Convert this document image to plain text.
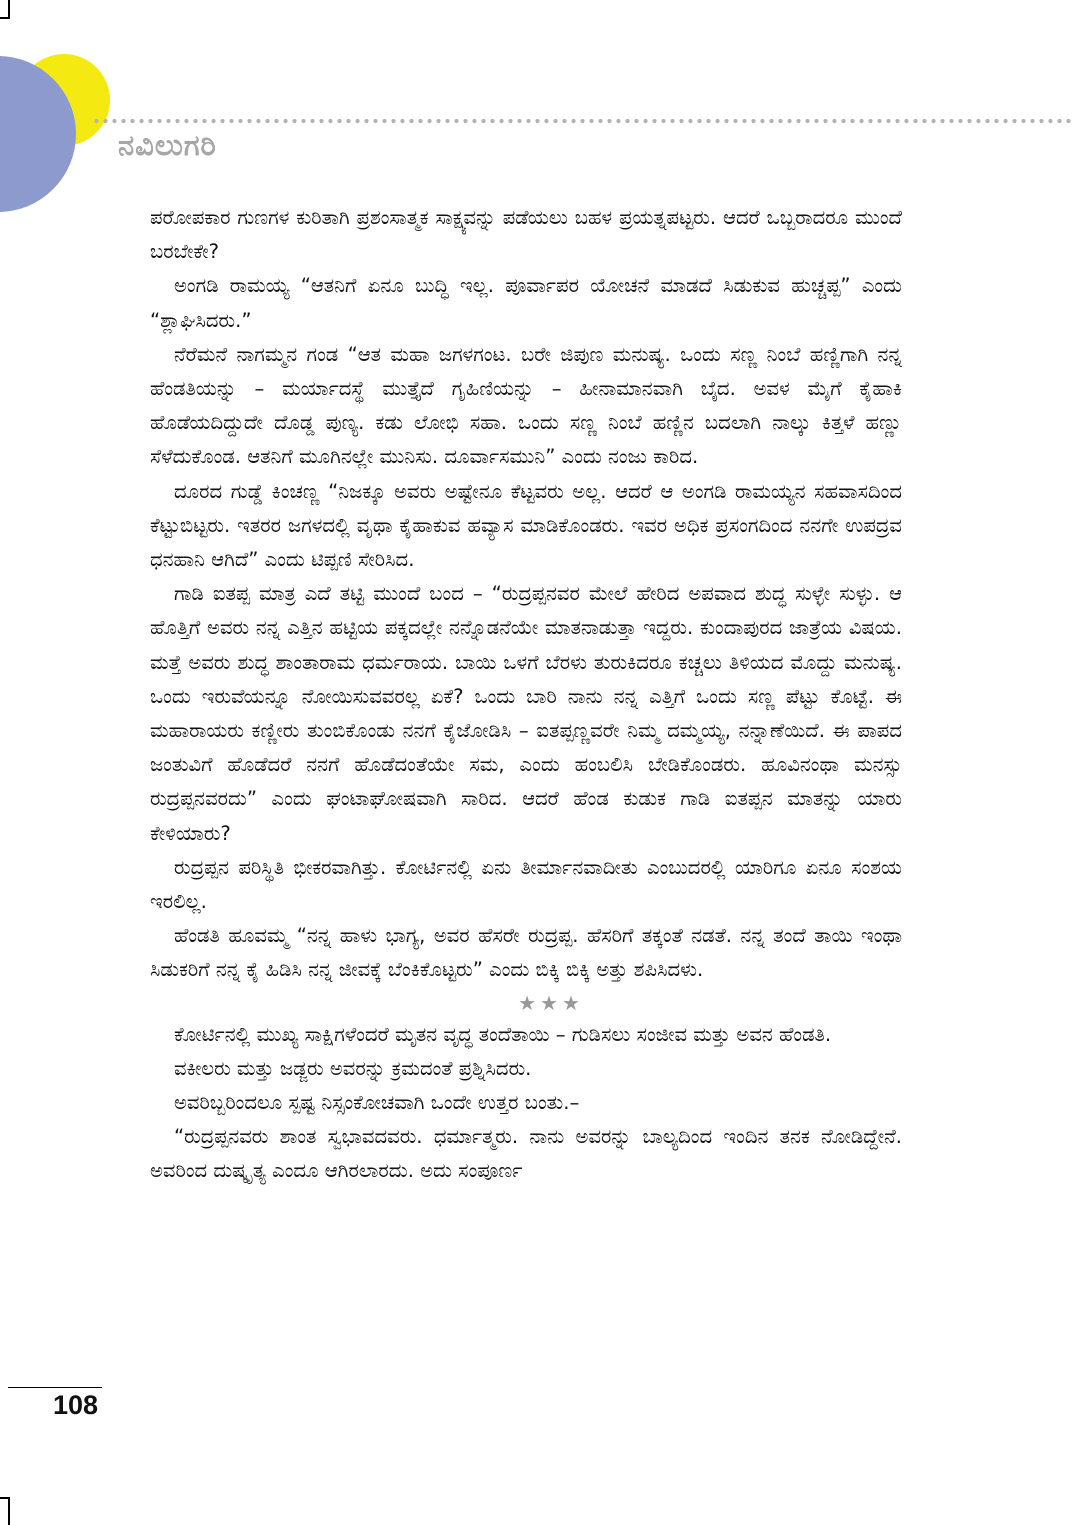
ನವಿಲುಗರಿ

ಪರೋಪಕಾರ ಗುಣಗಳ ಕುರಿತಾಗಿ ಪ್ರಶಂಸಾತ್ಮಕ ಸಾಕ್ಷ್ಯವನ್ನು ಪಡೆಯಲು ಬಹಳ ಪ್ರಯತ್ನಪಟ್ಟರು. ಆದರೆ ಒಬ್ಬರಾದರೂ ಮುಂದೆ ಬರಬೇಕೇ?

ಅಂಗಡಿ ರಾಮಯ್ಯ “ಆತನಿಗೆ ಏನೂ ಬುದ್ಧಿ ಇಲ್ಲ. ಪೂರ್ವಾಪರ ಯೋಚನೆ ಮಾಡದೆ ಸಿಡುಕುವ ಹುಚ್ಚಪ್ಪ” ಎಂದು “ಶ್ಲಾಘಿಸಿದರು.”

ನೆರೆಮನೆ ನಾಗಮ್ಮನ ಗಂಡ “ಆತ ಮಹಾ ಜಗಳಗಂಟ. ಬರೇ ಜಿಪುಣ ಮನುಷ್ಯ. ಒಂದು ಸಣ್ಣ ನಿಂಬೆ ಹಣ್ಣಿಗಾಗಿ ನನ್ನ ಹೆಂಡತಿಯನ್ನು – ಮರ್ಯಾದಸ್ಥೆ ಮುತ್ತೈದೆ ಗೃಹಿಣಿಯನ್ನು – ಹೀನಾಮಾನವಾಗಿ ಬೈದ. ಅವಳ ಮೈಗೆ ಕೈಹಾಕಿ ಹೊಡೆಯದಿದ್ದುದೇ ದೊಡ್ಡ ಪುಣ್ಯ. ಕಡು ಲೋಭಿ ಸಹಾ. ಒಂದು ಸಣ್ಣ ನಿಂಬೆ ಹಣ್ಣಿನ ಬದಲಾಗಿ ನಾಲ್ಕು ಕಿತ್ತಳೆ ಹಣ್ಣು ಸೆಳೆದುಕೊಂಡ. ಆತನಿಗೆ ಮೂಗಿನಲ್ಲೇ ಮುನಿಸು. ದೂರ್ವಾಸಮುನಿ” ಎಂದು ನಂಜು ಕಾರಿದ.

ದೂರದ ಗುಡ್ಡೆ ಕಿಂಚಣ್ಣ “ನಿಜಕ್ಕೂ ಅವರು ಅಷ್ಟೇನೂ ಕೆಟ್ಟವರು ಅಲ್ಲ. ಆದರೆ ಆ ಅಂಗಡಿ ರಾಮಯ್ಯನ ಸಹವಾಸದಿಂದ ಕೆಟ್ಟುಬಿಟ್ಟರು. ಇತರರ ಜಗಳದಲ್ಲಿ ವೃಥಾ ಕೈಹಾಕುವ ಹವ್ಯಾಸ ಮಾಡಿಕೊಂಡರು. ಇವರ ಅಧಿಕ ಪ್ರಸಂಗದಿಂದ ನನಗೇ ಉಪದ್ರವ ಧನಹಾನಿ ಆಗಿದೆ” ಎಂದು ಟಿಪ್ಪಣಿ ಸೇರಿಸಿದ.

ಗಾಡಿ ಐತಪ್ಪ ಮಾತ್ರ ಎದೆ ತಟ್ಟಿ ಮುಂದೆ ಬಂದ – “ರುದ್ರಪ್ಪನವರ ಮೇಲೆ ಹೇರಿದ ಅಪವಾದ ಶುದ್ಧ ಸುಳ್ಳೇ ಸುಳ್ಳು. ಆ ಹೊತ್ತಿಗೆ ಅವರು ನನ್ನ ಎತ್ತಿನ ಹಟ್ಟಿಯ ಪಕ್ಕದಲ್ಲೇ ನನ್ನೊಡನೆಯೇ ಮಾತನಾಡುತ್ತಾ ಇದ್ದರು. ಕುಂದಾಪುರದ ಜಾತ್ರೆಯ ವಿಷಯ. ಮತ್ತೆ ಅವರು ಶುದ್ಧ ಶಾಂತಾರಾಮ ಧರ್ಮರಾಯ. ಬಾಯಿ ಒಳಗೆ ಬೆರಳು ತುರುಕಿದರೂ ಕಚ್ಚಲು ತಿಳಿಯದ ಮೊದ್ದು ಮನುಷ್ಯ. ಒಂದು ಇರುವೆಯನ್ನೂ ನೋಯಿಸುವವರಲ್ಲ ಏಕೆ? ಒಂದು ಬಾರಿ ನಾನು ನನ್ನ ಎತ್ತಿಗೆ ಒಂದು ಸಣ್ಣ ಪೆಟ್ಟು ಕೊಟ್ಟೆ. ಈ ಮಹಾರಾಯರು ಕಣ್ಣೀರು ತುಂಬಿಕೊಂಡು ನನಗೆ ಕೈಜೋಡಿಸಿ – ಐತಪ್ಪಣ್ಣವರೇ ನಿಮ್ಮ ದಮ್ಮಯ್ಯ, ನನ್ನಾಣೆಯಿದೆ. ಈ ಪಾಪದ ಜಂತುವಿಗೆ ಹೊಡೆದರೆ ನನಗೆ ಹೊಡೆದಂತೆಯೇ ಸಮ, ಎಂದು ಹಂಬಲಿಸಿ ಬೇಡಿಕೊಂಡರು. ಹೂವಿನಂಥಾ ಮನಸ್ಸು ರುದ್ರಪ್ಪನವರದು” ಎಂದು ಘಂಟಾಘೋಷವಾಗಿ ಸಾರಿದ. ಆದರೆ ಹೆಂಡ ಕುಡುಕ ಗಾಡಿ ಐತಪ್ಪನ ಮಾತನ್ನು ಯಾರು ಕೇಳಿಯಾರು?

ರುದ್ರಪ್ಪನ ಪರಿಸ್ಥಿತಿ ಭೀಕರವಾಗಿತ್ತು. ಕೋರ್ಟಿನಲ್ಲಿ ಏನು ತೀರ್ಮಾನವಾದೀತು ಎಂಬುದರಲ್ಲಿ ಯಾರಿಗೂ ಏನೂ ಸಂಶಯ ಇರಲಿಲ್ಲ.

ಹೆಂಡತಿ ಹೂವಮ್ಮ “ನನ್ನ ಹಾಳು ಭಾಗ್ಯ, ಅವರ ಹೆಸರೇ ರುದ್ರಪ್ಪ. ಹೆಸರಿಗೆ ತಕ್ಕಂತೆ ನಡತೆ. ನನ್ನ ತಂದೆ ತಾಯಿ ಇಂಥಾ ಸಿಡುಕರಿಗೆ ನನ್ನ ಕೈ ಹಿಡಿಸಿ ನನ್ನ ಜೀವಕ್ಕೆ ಬೆಂಕಿಕೊಟ್ಟರು” ಎಂದು ಬಿಕ್ಕಿ ಬಿಕ್ಕಿ ಅತ್ತು ಶಪಿಸಿದಳು.

★★★

ಕೋರ್ಟಿನಲ್ಲಿ ಮುಖ್ಯ ಸಾಕ್ಷಿಗಳೆಂದರೆ ಮೃತನ ವೃದ್ಧ ತಂದೆತಾಯಿ – ಗುಡಿಸಲು ಸಂಜೀವ ಮತ್ತು ಅವನ ಹೆಂಡತಿ.

ವಕೀಲರು ಮತ್ತು ಜಡ್ಜರು ಅವರನ್ನು ಕ್ರಮದಂತೆ ಪ್ರಶ್ನಿಸಿದರು.

ಅವರಿಬ್ಬರಿಂದಲೂ ಸ್ಪಷ್ಟ ನಿಸ್ಸಂಕೋಚವಾಗಿ ಒಂದೇ ಉತ್ತರ ಬಂತು.–

“ರುದ್ರಪ್ಪನವರು ಶಾಂತ ಸ್ವಭಾವದವರು. ಧರ್ಮಾತ್ಮರು. ನಾನು ಅವರನ್ನು ಬಾಲ್ಯದಿಂದ ಇಂದಿನ ತನಕ ನೋಡಿದ್ದೇನೆ. ಅವರಿಂದ ದುಷ್ಕೃತ್ಯ ಎಂದೂ ಆಗಿರಲಾರದು. ಅದು ಸಂಪೂರ್ಣ

108
